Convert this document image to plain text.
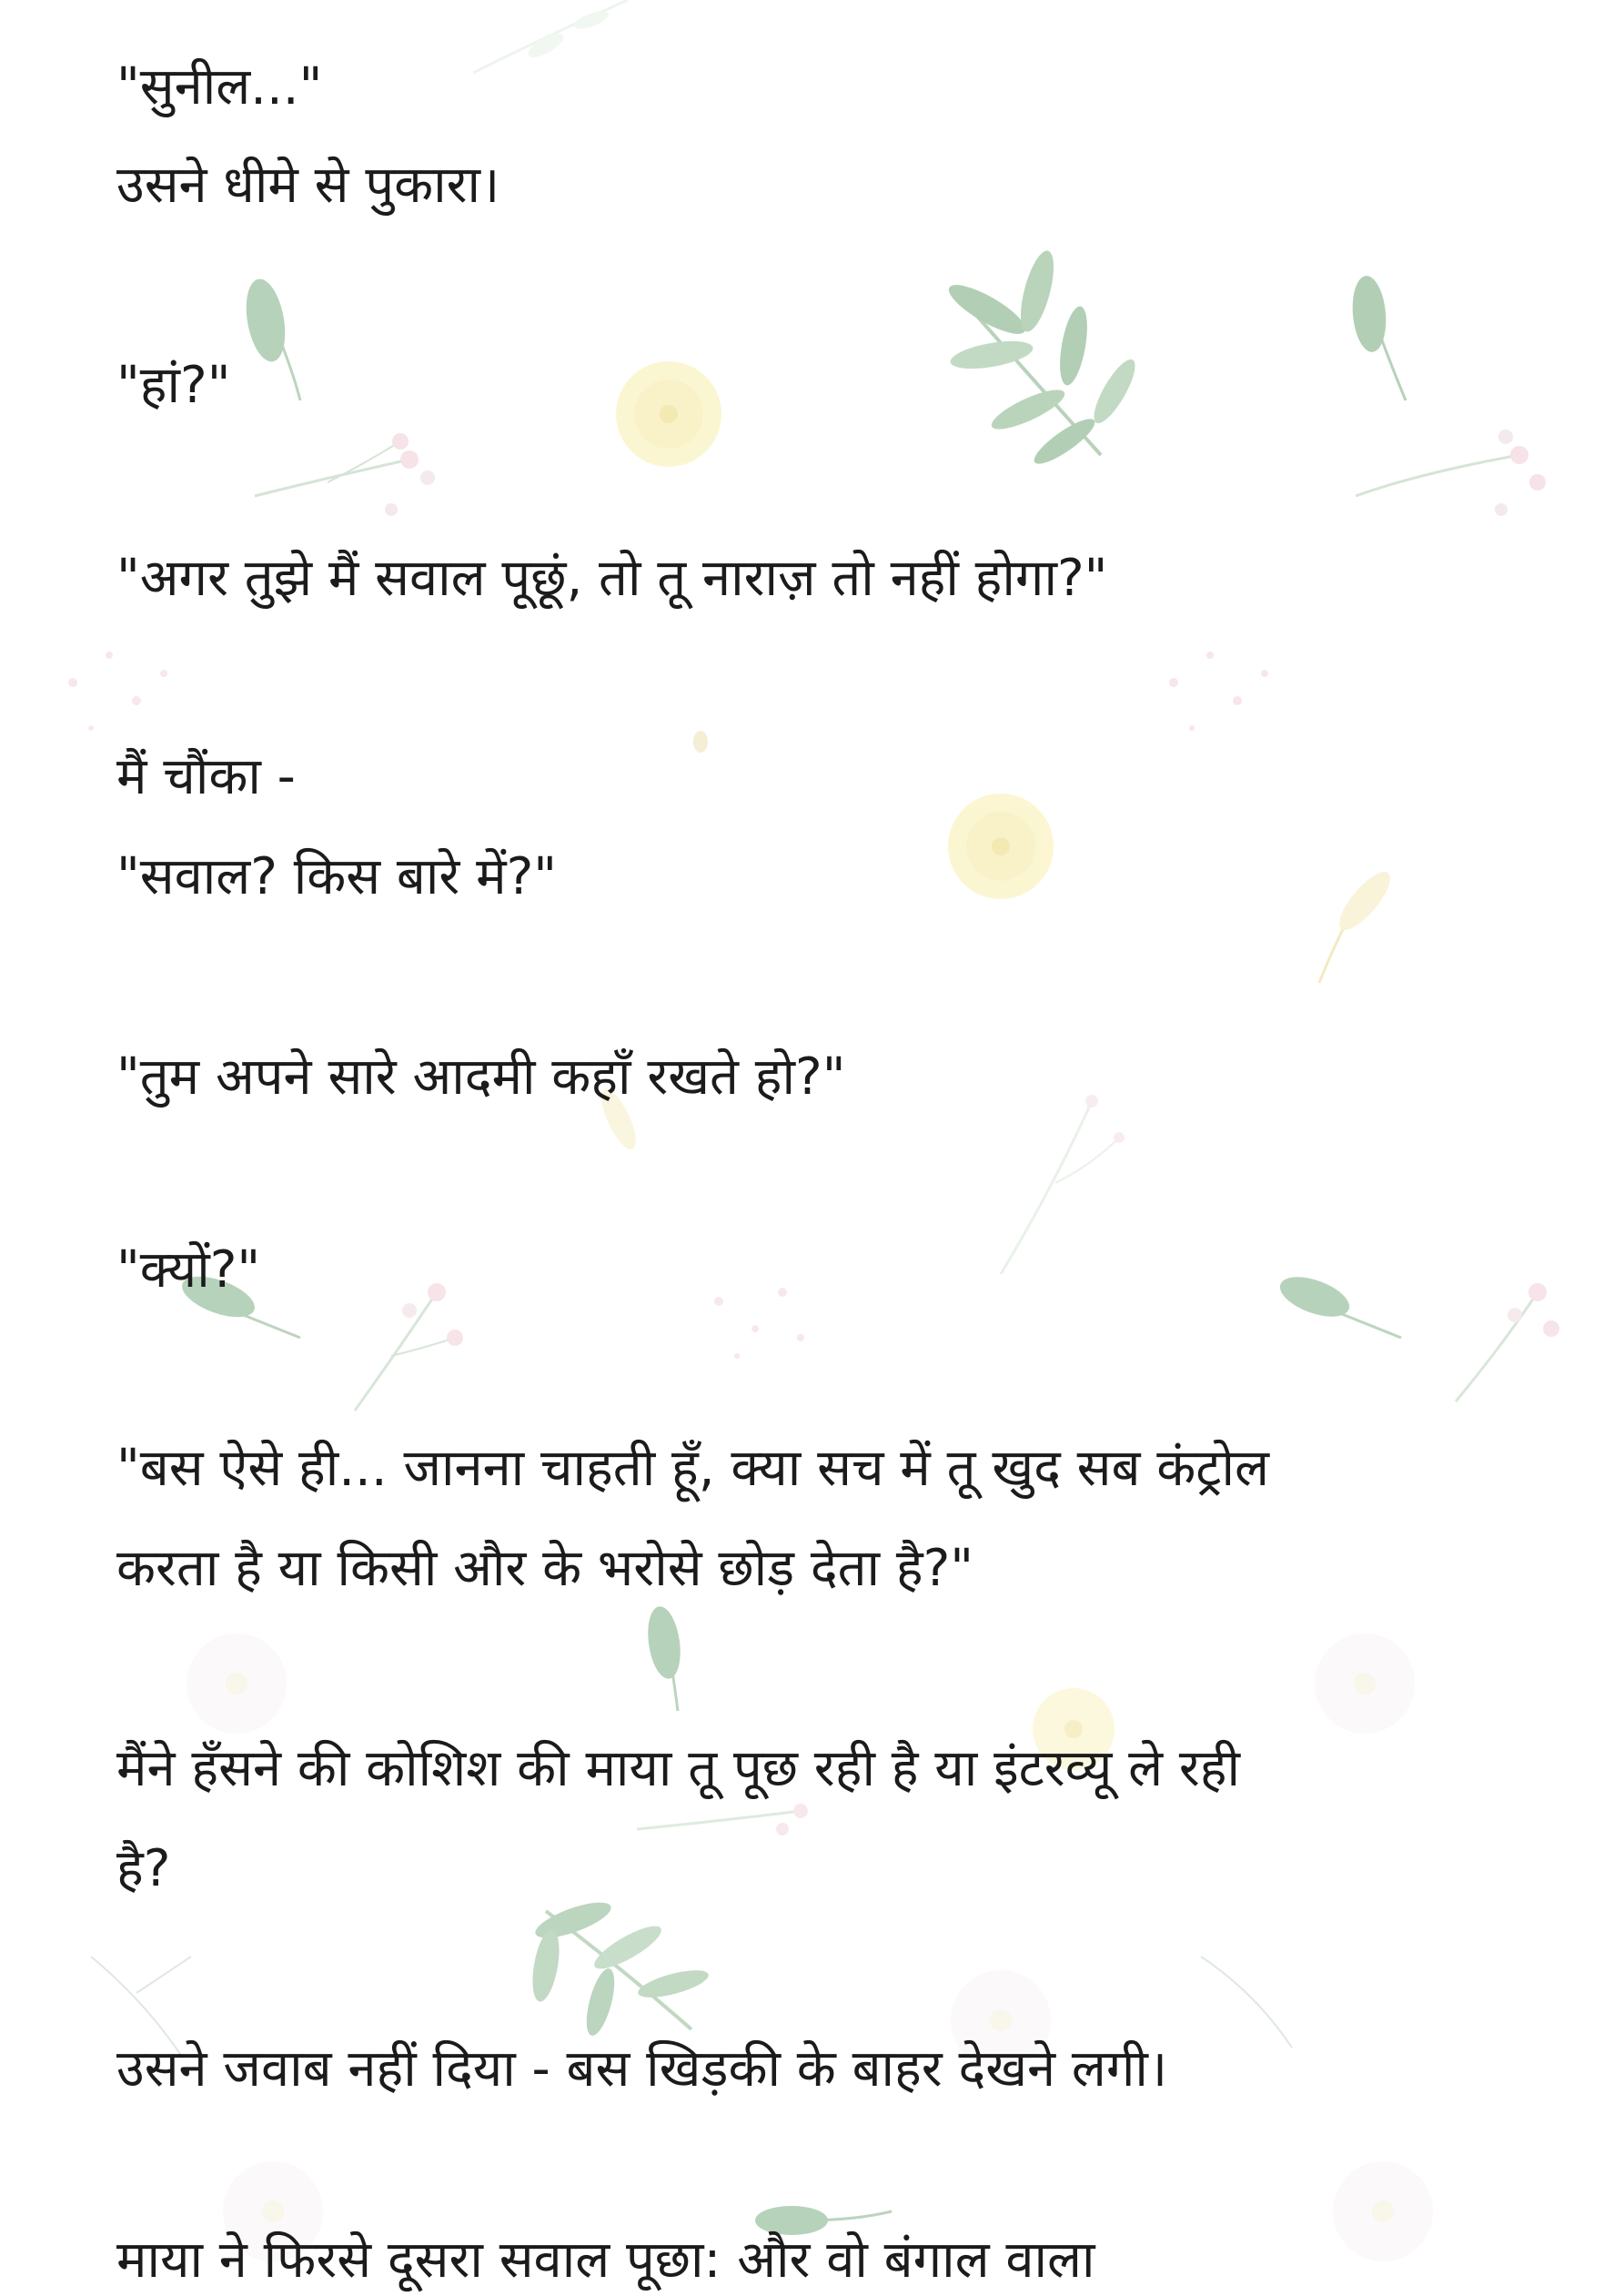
"सुनील..."

उसने धीमे से पुकारा।

"हां?"

"अगर तुझे मैं सवाल पूछूं, तो तू नाराज़ तो नहीं होगा?"

मैं चौंका -

"सवाल? किस बारे में?"

"तुम अपने सारे आदमी कहाँ रखते हो?"

"क्यों?"

"बस ऐसे ही... जानना चाहती हूँ, क्या सच में तू खुद सब कंट्रोल

करता है या किसी और के भरोसे छोड़ देता है?"

मैंने हँसने की कोशिश की माया तू पूछ रही है या इंटरव्यू ले रही

है?

उसने जवाब नहीं दिया - बस खिड़की के बाहर देखने लगी।

माया ने फिरसे दूसरा सवाल पूछा: और वो बंगाल वाला
